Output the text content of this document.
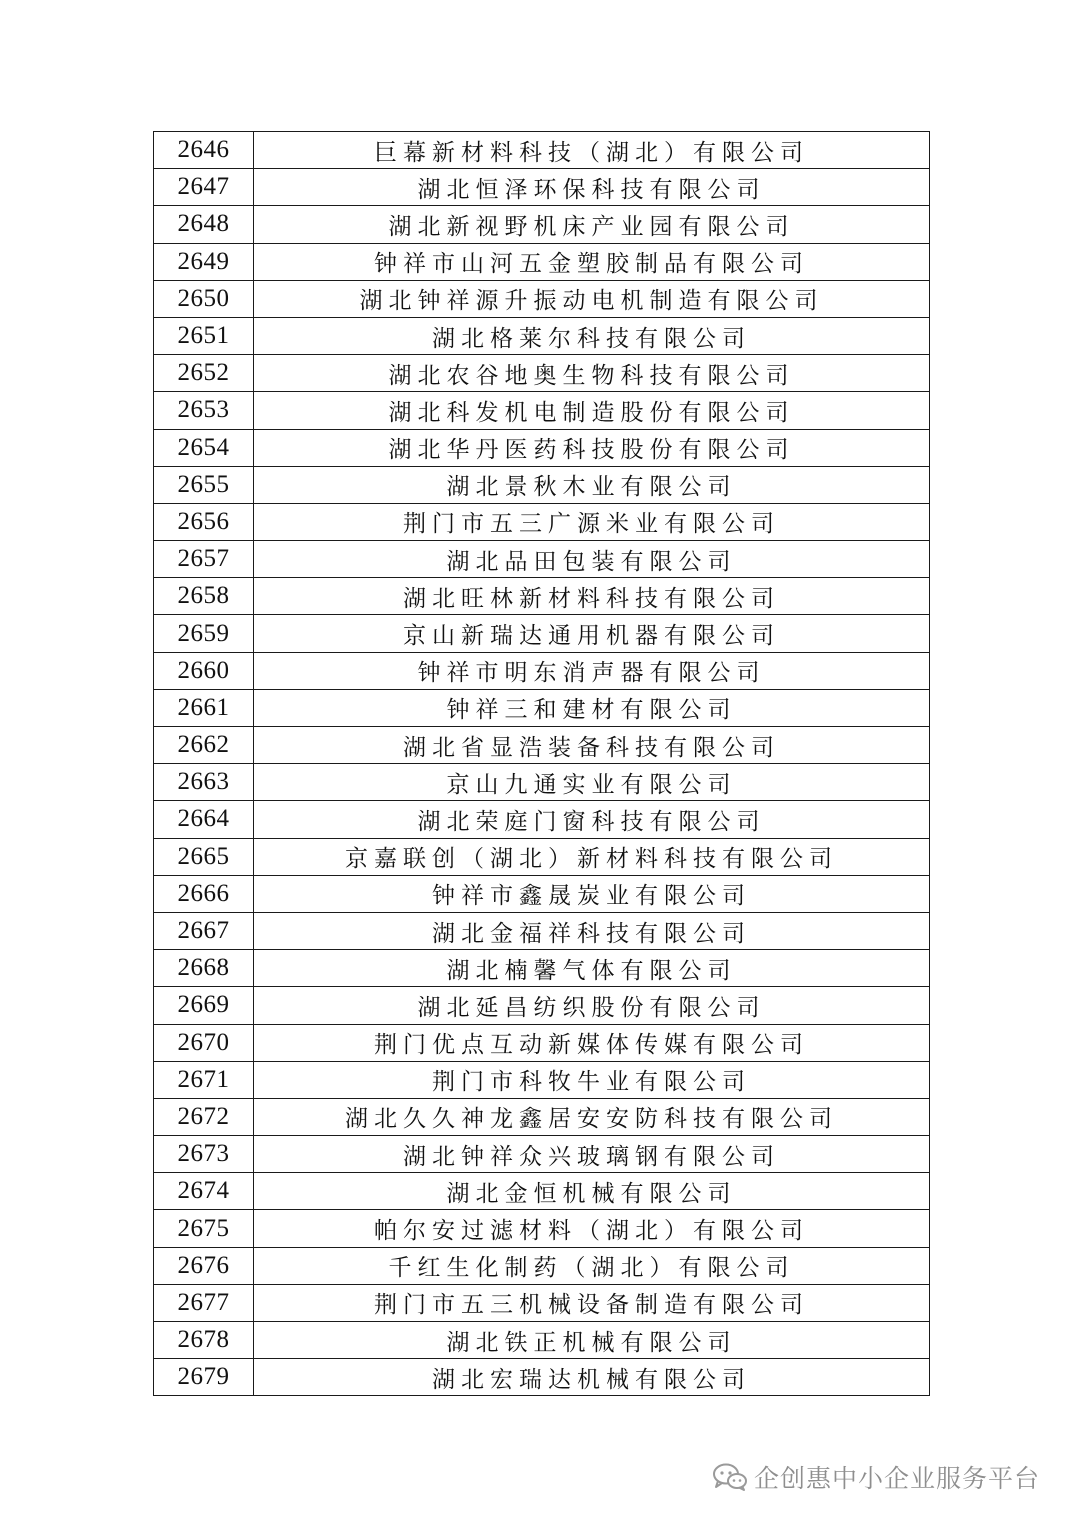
2646	巨幕新材料科技（湖北）有限公司
2647	湖北恒泽环保科技有限公司
2648	湖北新视野机床产业园有限公司
2649	钟祥市山河五金塑胶制品有限公司
2650	湖北钟祥源升振动电机制造有限公司
2651	湖北格莱尔科技有限公司
2652	湖北农谷地奥生物科技有限公司
2653	湖北科发机电制造股份有限公司
2654	湖北华丹医药科技股份有限公司
2655	湖北景秋木业有限公司
2656	荆门市五三广源米业有限公司
2657	湖北品田包装有限公司
2658	湖北旺林新材料科技有限公司
2659	京山新瑞达通用机器有限公司
2660	钟祥市明东消声器有限公司
2661	钟祥三和建材有限公司
2662	湖北省显浩装备科技有限公司
2663	京山九通实业有限公司
2664	湖北荣庭门窗科技有限公司
2665	京嘉联创（湖北）新材料科技有限公司
2666	钟祥市鑫晟炭业有限公司
2667	湖北金福祥科技有限公司
2668	湖北楠馨气体有限公司
2669	湖北延昌纺织股份有限公司
2670	荆门优点互动新媒体传媒有限公司
2671	荆门市科牧牛业有限公司
2672	湖北久久神龙鑫居安安防科技有限公司
2673	湖北钟祥众兴玻璃钢有限公司
2674	湖北金恒机械有限公司
2675	帕尔安过滤材料（湖北）有限公司
2676	千红生化制药（湖北）有限公司
2677	荆门市五三机械设备制造有限公司
2678	湖北铁正机械有限公司
2679	湖北宏瑞达机械有限公司
企创惠中小企业服务平台
